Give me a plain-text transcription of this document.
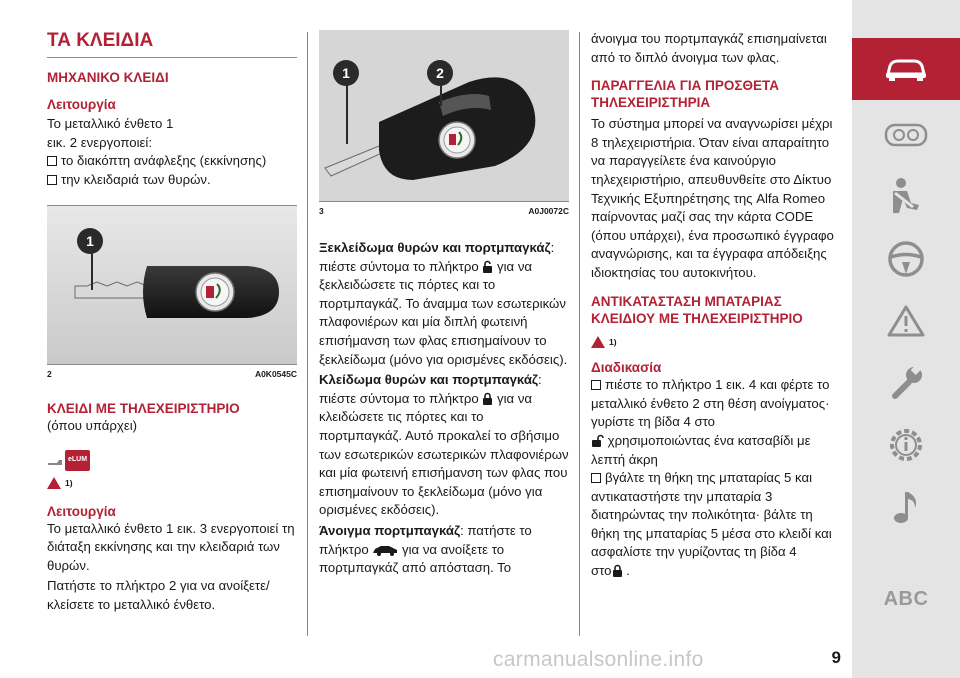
ΤΑ ΚΛΕΙΔΙΑ
ΜΗΧΑΝΙΚΟ ΚΛΕΙΔΙ
Λειτουργία

Το μεταλλικό ένθετο 1
εικ. 2 ενεργοποιεί:

το διακόπτη ανάφλεξης (εκκίνησης)

την κλειδαριά των θυρών.

1
2	A0K0545C
ΚΛΕΙΔΙ ΜΕ ΤΗΛΕΧΕΙΡΙΣΤΗΡΙΟ

(όπου υπάρχει)

eLUM
1)
Λειτουργία

Το μεταλλικό ένθετο 1 εικ. 3 ενεργοποιεί τη διάταξη εκκίνησης και την κλειδαριά των θυρών.

Πατήστε το πλήκτρο 2 για να ανοίξετε/κλείσετε το μεταλλικό ένθετο.

1	2
3	A0J0072C

Ξεκλείδωμα θυρών και πορτμπαγκάζ: πιέστε σύντομα το πλήκτρο  για να ξεκλειδώσετε τις πόρτες και το πορτμπαγκάζ. Το άναμμα των εσωτερικών πλαφονιέρων και μία διπλή φωτεινή επισήμανση των φλας επισημαίνουν το ξεκλείδωμα (μόνο για ορισμένες εκδόσεις).

Κλείδωμα θυρών και πορτμπαγκάζ: πιέστε σύντομα το πλήκτρο  για να κλειδώσετε τις πόρτες και το πορτμπαγκάζ. Αυτό προκαλεί το σβήσιμο των εσωτερικών εσωτερικών πλαφονιέρων και μία φωτεινή επισήμανση των φλας που επισημαίνουν το ξεκλείδωμα (μόνο για ορισμένες εκδόσεις).

Άνοιγμα πορτμπαγκάζ: πατήστε το πλήκτρο  για να ανοίξετε το πορτμπαγκάζ από απόσταση. Το

άνοιγμα του πορτμπαγκάζ επισημαίνεται από το διπλό άνοιγμα των φλας.

ΠΑΡΑΓΓΕΛΙΑ ΓΙΑ ΠΡΟΣΘΕΤΑ ΤΗΛΕΧΕΙΡΙΣΤΗΡΙΑ

Το σύστημα μπορεί να αναγνωρίσει μέχρι 8 τηλεχειριστήρια. Όταν είναι απαραίτητο να παραγγείλετε ένα καινούργιο τηλεχειριστήριο, απευθυνθείτε στο Δίκτυο Τεχνικής Εξυπηρέτησης της Alfa Romeo παίρνοντας μαζί σας την κάρτα CODE (όπου υπάρχει), ένα προσωπικό έγγραφο αναγνώρισης, και τα έγγραφα απόδειξης ιδιοκτησίας του αυτοκινήτου.

ΑΝΤΙΚΑΤΑΣΤΑΣΗ ΜΠΑΤΑΡΙΑΣ ΚΛΕΙΔΙΟΥ ΜΕ ΤΗΛΕΧΕΙΡΙΣΤΗΡΙΟ
1)
Διαδικασία

πιέστε το πλήκτρο 1 εικ. 4 και φέρτε το μεταλλικό ένθετο 2 στη θέση ανοίγματος· γυρίστε τη βίδα 4 στο
χρησιμοποιώντας ένα κατσαβίδι με λεπτή άκρη

βγάλτε τη θήκη της μπαταρίας 5 και αντικαταστήστε την μπαταρία 3 διατηρώντας την πολικότητα· βάλτε τη θήκη της μπαταρίας 5 μέσα στο κλειδί και ασφαλίστε την γυρίζοντας τη βίδα 4
στο .

ABC
carmanualsonline.info	9
